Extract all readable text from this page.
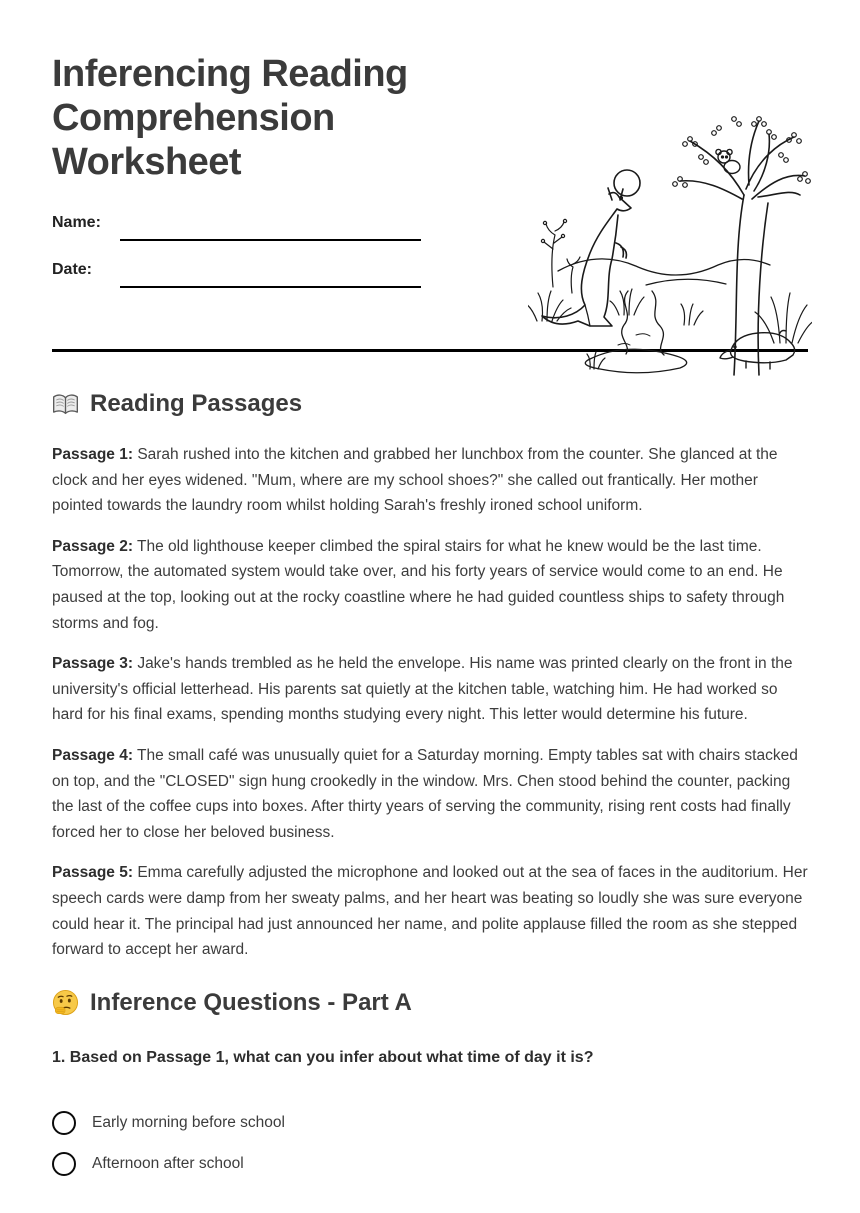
Inferencing Reading Comprehension Worksheet
Name:
Date:
Reading Passages

Passage 1: Sarah rushed into the kitchen and grabbed her lunchbox from the counter. She glanced at the clock and her eyes widened. "Mum, where are my school shoes?" she called out frantically. Her mother pointed towards the laundry room whilst holding Sarah's freshly ironed school uniform.

Passage 2: The old lighthouse keeper climbed the spiral stairs for what he knew would be the last time. Tomorrow, the automated system would take over, and his forty years of service would come to an end. He paused at the top, looking out at the rocky coastline where he had guided countless ships to safety through storms and fog.

Passage 3: Jake's hands trembled as he held the envelope. His name was printed clearly on the front in the university's official letterhead. His parents sat quietly at the kitchen table, watching him. He had worked so hard for his final exams, spending months studying every night. This letter would determine his future.

Passage 4: The small café was unusually quiet for a Saturday morning. Empty tables sat with chairs stacked on top, and the "CLOSED" sign hung crookedly in the window. Mrs. Chen stood behind the counter, packing the last of the coffee cups into boxes. After thirty years of serving the community, rising rent costs had finally forced her to close her beloved business.

Passage 5: Emma carefully adjusted the microphone and looked out at the sea of faces in the auditorium. Her speech cards were damp from her sweaty palms, and her heart was beating so loudly she was sure everyone could hear it. The principal had just announced her name, and polite applause filled the room as she stepped forward to accept her award.

Inference Questions - Part A

1. Based on Passage 1, what can you infer about what time of day it is?

Early morning before school
Afternoon after school
